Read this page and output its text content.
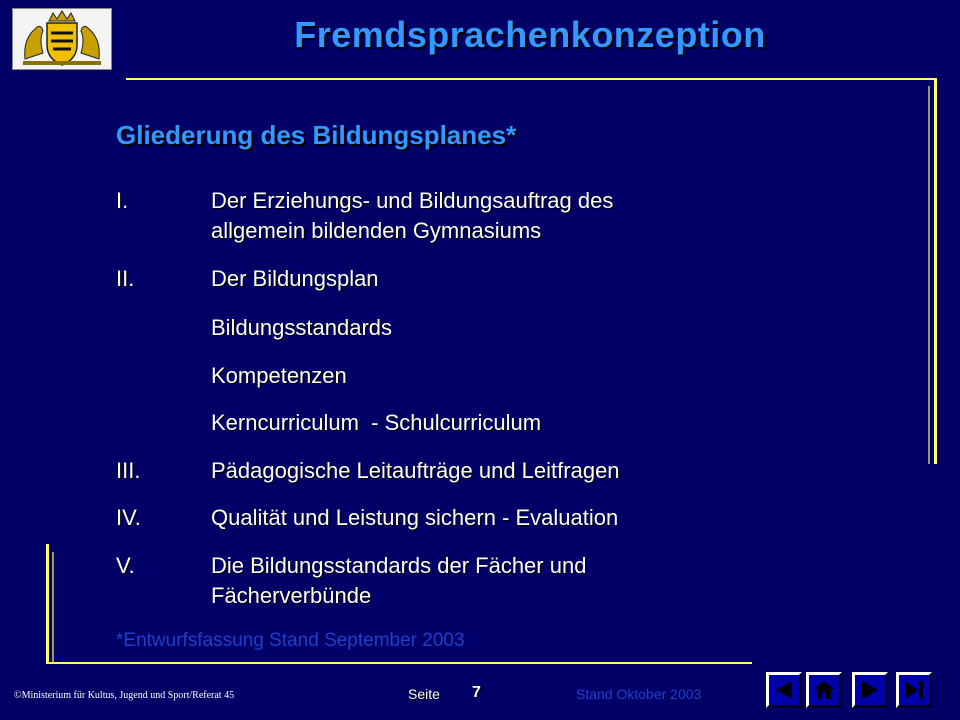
Fremdsprachenkonzeption
Gliederung des Bildungsplanes*
I.	Der Erziehungs- und Bildungsauftrag des
allgemein bildenden Gymnasiums
II.	Der Bildungsplan
Bildungsstandards
Kompetenzen
Kerncurriculum  - Schulcurriculum
III.	Pädagogische Leitaufträge und Leitfragen
IV.	Qualität und Leistung sichern - Evaluation
V.	Die Bildungsstandards der Fächer und
Fächerverbünde
*Entwurfsfassung Stand September 2003
©Ministerium für Kultus, Jugend und Sport/Referat 45	Seite 7	Stand Oktober 2003
